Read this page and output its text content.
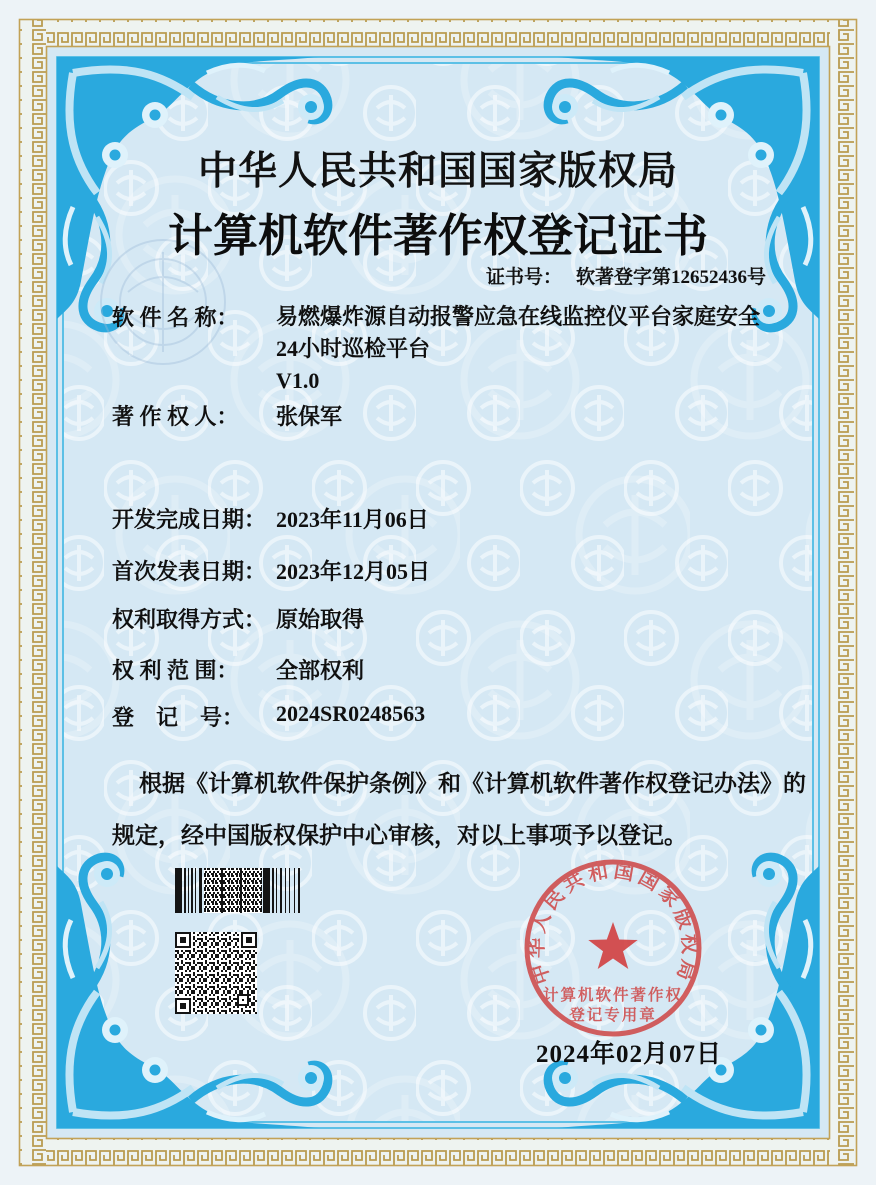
中华人民共和国国家版权局
计算机软件著作权登记证书
证书号： 软著登字第12652436号
软 件 名 称： 易燃爆炸源自动报警应急在线监控仪平台家庭安全
24小时巡检平台
V1.0
著 作 权 人： 张保军
开发完成日期： 2023年11月06日
首次发表日期： 2023年12月05日
权利取得方式： 原始取得
权 利 范 围： 全部权利
登　记　号： 2024SR0248563
根据《计算机软件保护条例》和《计算机软件著作权登记办法》的
规定，经中国版权保护中心审核，对以上事项予以登记。
2024年02月07日
中华人民共和国国家版权局
计算机软件著作权
登记专用章
